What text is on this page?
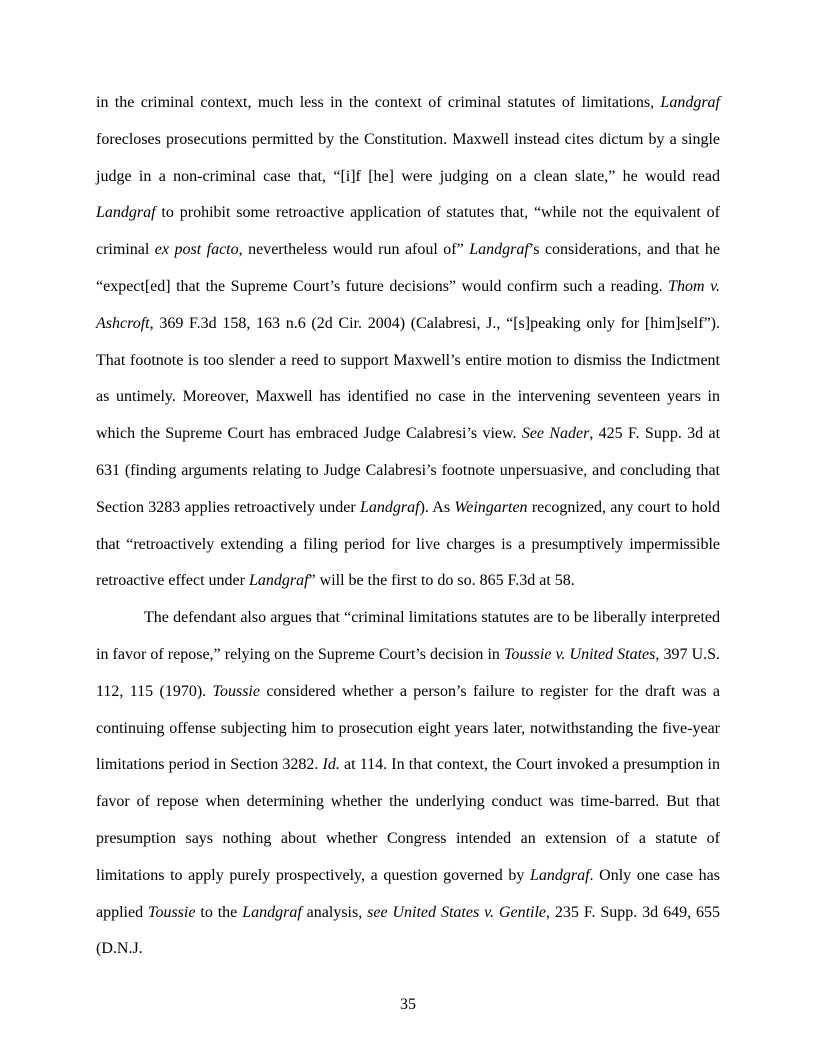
in the criminal context, much less in the context of criminal statutes of limitations, Landgraf forecloses prosecutions permitted by the Constitution. Maxwell instead cites dictum by a single judge in a non-criminal case that, “[i]f [he] were judging on a clean slate,” he would read Landgraf to prohibit some retroactive application of statutes that, “while not the equivalent of criminal ex post facto, nevertheless would run afoul of” Landgraf’s considerations, and that he “expect[ed] that the Supreme Court’s future decisions” would confirm such a reading. Thom v. Ashcroft, 369 F.3d 158, 163 n.6 (2d Cir. 2004) (Calabresi, J., “[s]peaking only for [him]self”). That footnote is too slender a reed to support Maxwell’s entire motion to dismiss the Indictment as untimely. Moreover, Maxwell has identified no case in the intervening seventeen years in which the Supreme Court has embraced Judge Calabresi’s view. See Nader, 425 F. Supp. 3d at 631 (finding arguments relating to Judge Calabresi’s footnote unpersuasive, and concluding that Section 3283 applies retroactively under Landgraf). As Weingarten recognized, any court to hold that “retroactively extending a filing period for live charges is a presumptively impermissible retroactive effect under Landgraf” will be the first to do so. 865 F.3d at 58.

The defendant also argues that “criminal limitations statutes are to be liberally interpreted in favor of repose,” relying on the Supreme Court’s decision in Toussie v. United States, 397 U.S. 112, 115 (1970). Toussie considered whether a person’s failure to register for the draft was a continuing offense subjecting him to prosecution eight years later, notwithstanding the five-year limitations period in Section 3282. Id. at 114. In that context, the Court invoked a presumption in favor of repose when determining whether the underlying conduct was time-barred. But that presumption says nothing about whether Congress intended an extension of a statute of limitations to apply purely prospectively, a question governed by Landgraf. Only one case has applied Toussie to the Landgraf analysis, see United States v. Gentile, 235 F. Supp. 3d 649, 655 (D.N.J.

35
